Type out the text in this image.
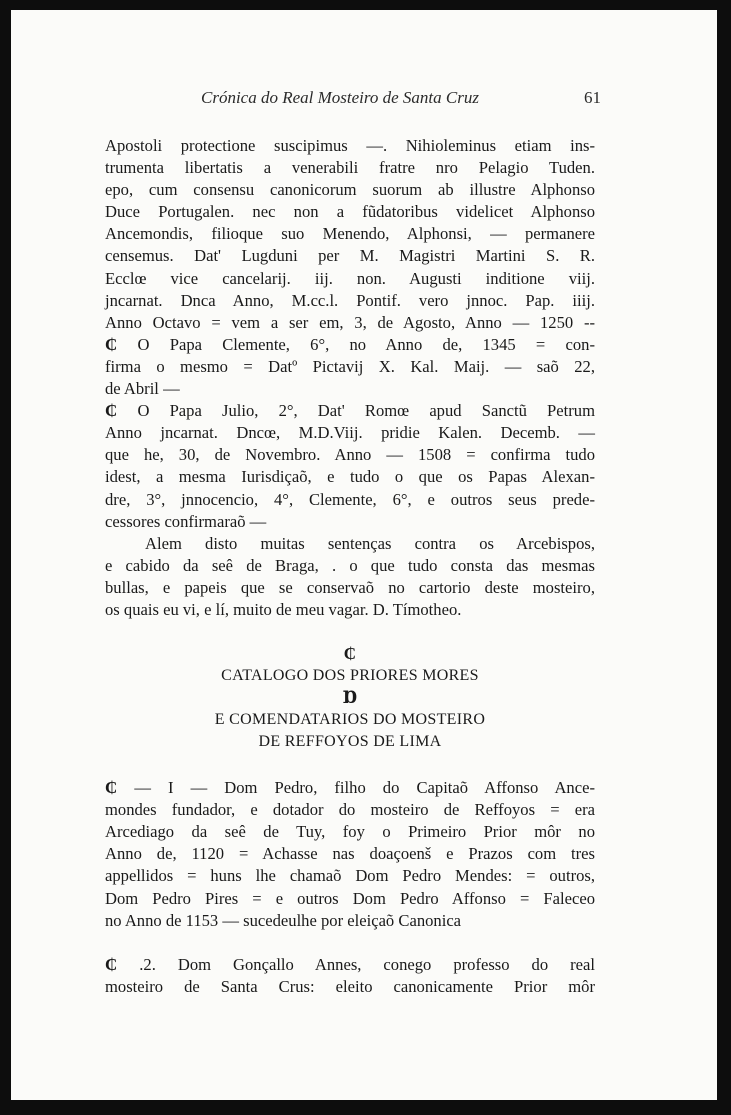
Crónica do Real Mosteiro de Santa Cruz	61

Apostoli protectione suscipimus —. Nihioleminus etiam ins-
trumenta libertatis a venerabili fratre nro Pelagio Tuden.
epo, cum consensu canonicorum suorum ab illustre Alphonso
Duce Portugalen. nec non a fũdatoribus videlicet Alphonso
Ancemondis, filioque suo Menendo, Alphonsi, — permanere
censemus. Dat' Lugduni per M. Magistri Martini S. R.
Ecclœ vice cancelarij. iij. non. Augusti inditione viij.
jncarnat. Dnca Anno, M.cc.l. Pontif. vero jnnoc. Pap. iiij.
Anno Octavo = vem a ser em, 3, de Agosto, Anno — 1250 --

₵ O Papa Clemente, 6°, no Anno de, 1345 = con-
firma o mesmo = Datº Pictavij X. Kal. Maij. — saõ 22,
de Abril —

₵ O Papa Julio, 2°, Dat' Romœ apud Sanctũ Petrum
Anno jncarnat. Dncœ, M.D.Viij. pridie Kalen. Decemb. —
que he, 30, de Novembro. Anno — 1508 = confirma tudo
idest, a mesma Iurisdiçaõ, e tudo o que os Papas Alexan-
dre, 3°, jnnocencio, 4°, Clemente, 6°, e outros seus prede-
cessores confirmaraõ —

Alem disto muitas sentenças contra os Arcebispos,
e cabido da seê de Braga, . o que tudo consta das mesmas
bullas, e papeis que se conservaõ no cartorio deste mosteiro,
os quais eu vi, e lí, muito de meu vagar. D. Tímotheo.

₵
CATALOGO DOS PRIORES MORES
Ɒ
E COMENDATARIOS DO MOSTEIRO
DE REFFOYOS DE LIMA

₵ — I — Dom Pedro, filho do Capitaõ Affonso Ance-
mondes fundador, e dotador do mosteiro de Reffoyos = era
Arcediago da seê de Tuy, foy o Primeiro Prior môr no
Anno de, 1120 = Achasse nas doaçoenš e Prazos com tres
appellidos = huns lhe chamaõ Dom Pedro Mendes: = outros,
Dom Pedro Pires = e outros Dom Pedro Affonso = Faleceo
no Anno de 1153 — sucedeulhe por eleiçaõ Canonica

₵ .2. Dom Gonçallo Annes, conego professo do real
mosteiro de Santa Crus: eleito canonicamente Prior môr
